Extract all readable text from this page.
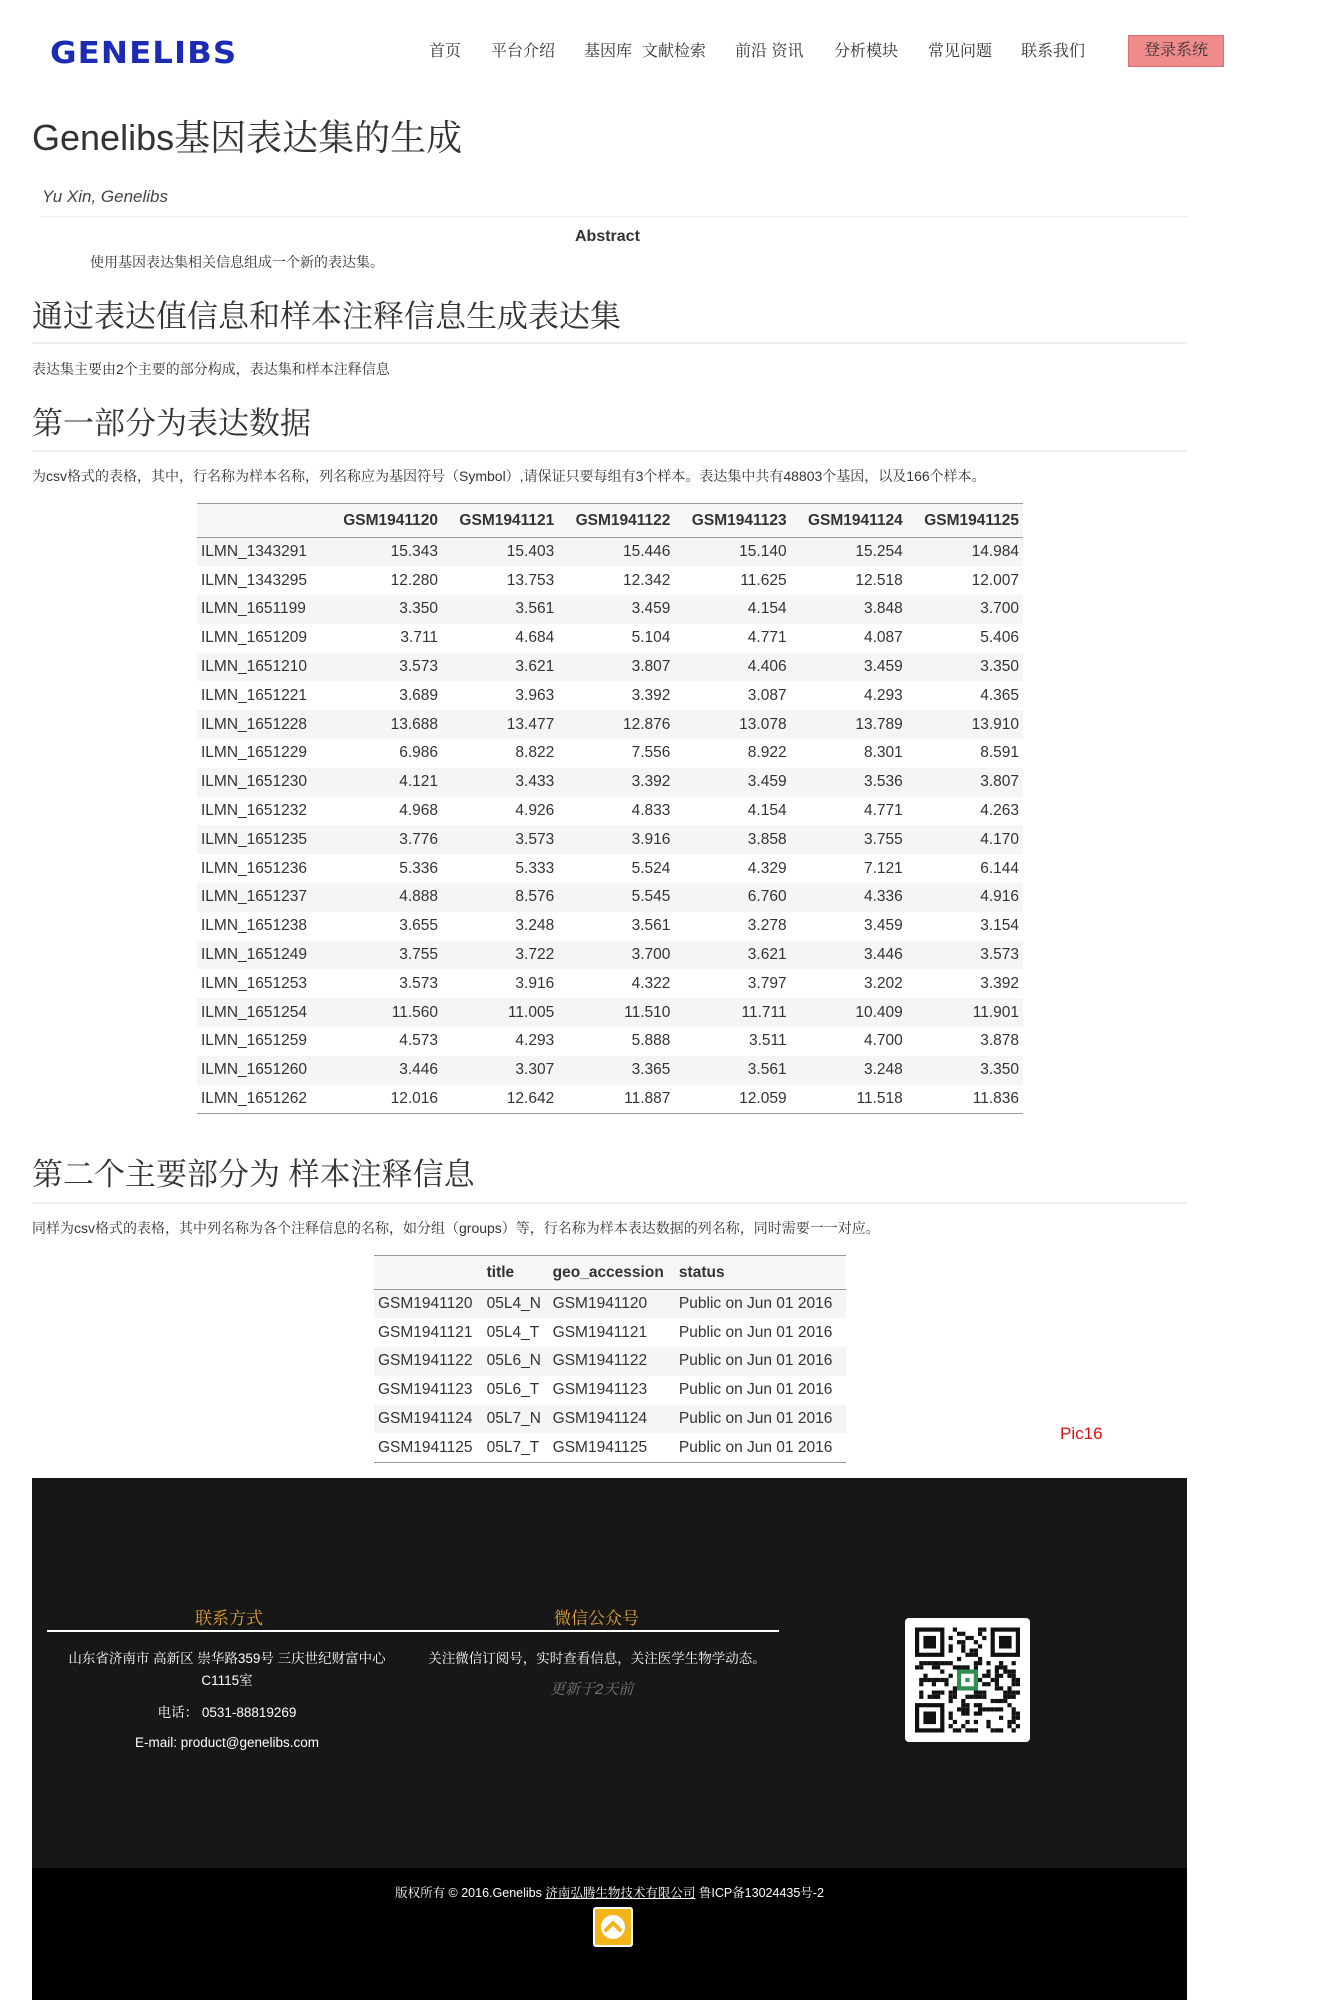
GENELIBS	首页 平台介绍 基因库 文献检索 前沿 资讯 分析模块 常见问题 联系我们	登录系统
Genelibs基因表达集的生成
Yu Xin, Genelibs
Abstract
使用基因表达集相关信息组成一个新的表达集。
通过表达值信息和样本注释信息生成表达集
表达集主要由2个主要的部分构成，表达集和样本注释信息
第一部分为表达数据
为csv格式的表格，其中，行名称为样本名称，列名称应为基因符号（Symbol）,请保证只要每组有3个样本。表达集中共有48803个基因，以及166个样本。
	GSM1941120	GSM1941121	GSM1941122	GSM1941123	GSM1941124	GSM1941125
ILMN_1343291	15.343	15.403	15.446	15.140	15.254	14.984
ILMN_1343295	12.280	13.753	12.342	11.625	12.518	12.007
ILMN_1651199	3.350	3.561	3.459	4.154	3.848	3.700
ILMN_1651209	3.711	4.684	5.104	4.771	4.087	5.406
ILMN_1651210	3.573	3.621	3.807	4.406	3.459	3.350
ILMN_1651221	3.689	3.963	3.392	3.087	4.293	4.365
ILMN_1651228	13.688	13.477	12.876	13.078	13.789	13.910
ILMN_1651229	6.986	8.822	7.556	8.922	8.301	8.591
ILMN_1651230	4.121	3.433	3.392	3.459	3.536	3.807
ILMN_1651232	4.968	4.926	4.833	4.154	4.771	4.263
ILMN_1651235	3.776	3.573	3.916	3.858	3.755	4.170
ILMN_1651236	5.336	5.333	5.524	4.329	7.121	6.144
ILMN_1651237	4.888	8.576	5.545	6.760	4.336	4.916
ILMN_1651238	3.655	3.248	3.561	3.278	3.459	3.154
ILMN_1651249	3.755	3.722	3.700	3.621	3.446	3.573
ILMN_1651253	3.573	3.916	4.322	3.797	3.202	3.392
ILMN_1651254	11.560	11.005	11.510	11.711	10.409	11.901
ILMN_1651259	4.573	4.293	5.888	3.511	4.700	3.878
ILMN_1651260	3.446	3.307	3.365	3.561	3.248	3.350
ILMN_1651262	12.016	12.642	11.887	12.059	11.518	11.836
第二个主要部分为 样本注释信息
同样为csv格式的表格，其中列名称为各个注释信息的名称，如分组（groups）等，行名称为样本表达数据的列名称，同时需要一一对应。
	title	geo_accession	status
GSM1941120	05L4_N	GSM1941120	Public on Jun 01 2016
GSM1941121	05L4_T	GSM1941121	Public on Jun 01 2016
GSM1941122	05L6_N	GSM1941122	Public on Jun 01 2016
GSM1941123	05L6_T	GSM1941123	Public on Jun 01 2016
GSM1941124	05L7_N	GSM1941124	Public on Jun 01 2016
GSM1941125	05L7_T	GSM1941125	Public on Jun 01 2016
Pic16
联系方式	微信公众号
山东省济南市 高新区 崇华路359号 三庆世纪财富中心
C1115室
电话： 0531-88819269
E-mail: product@genelibs.com
关注微信订阅号，实时查看信息，关注医学生物学动态。
更新于2天前
版权所有 © 2016.Genelibs 济南弘腾生物技术有限公司 鲁ICP备13024435号-2
